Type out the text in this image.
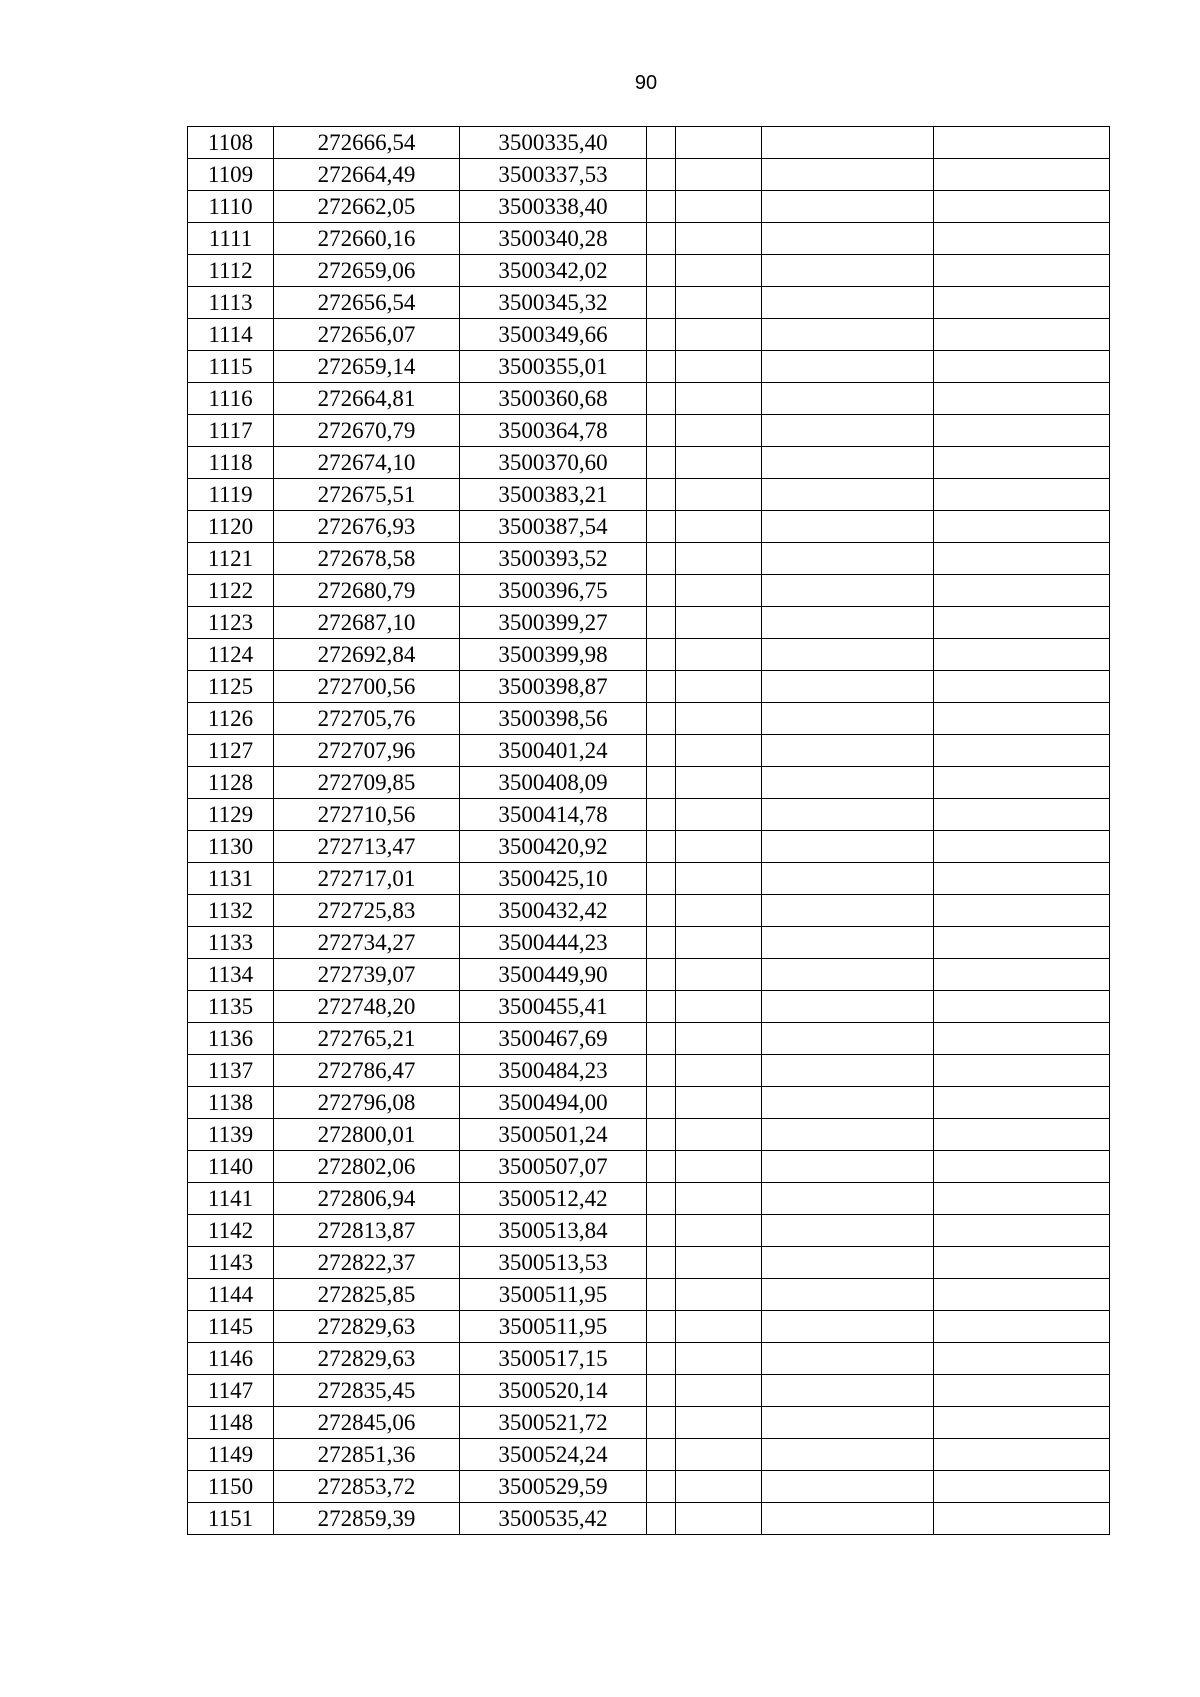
90
1108	272666,54	3500335,40				
1109	272664,49	3500337,53				
1110	272662,05	3500338,40				
1111	272660,16	3500340,28				
1112	272659,06	3500342,02				
1113	272656,54	3500345,32				
1114	272656,07	3500349,66				
1115	272659,14	3500355,01				
1116	272664,81	3500360,68				
1117	272670,79	3500364,78				
1118	272674,10	3500370,60				
1119	272675,51	3500383,21				
1120	272676,93	3500387,54				
1121	272678,58	3500393,52				
1122	272680,79	3500396,75				
1123	272687,10	3500399,27				
1124	272692,84	3500399,98				
1125	272700,56	3500398,87				
1126	272705,76	3500398,56				
1127	272707,96	3500401,24				
1128	272709,85	3500408,09				
1129	272710,56	3500414,78				
1130	272713,47	3500420,92				
1131	272717,01	3500425,10				
1132	272725,83	3500432,42				
1133	272734,27	3500444,23				
1134	272739,07	3500449,90				
1135	272748,20	3500455,41				
1136	272765,21	3500467,69				
1137	272786,47	3500484,23				
1138	272796,08	3500494,00				
1139	272800,01	3500501,24				
1140	272802,06	3500507,07				
1141	272806,94	3500512,42				
1142	272813,87	3500513,84				
1143	272822,37	3500513,53				
1144	272825,85	3500511,95				
1145	272829,63	3500511,95				
1146	272829,63	3500517,15				
1147	272835,45	3500520,14				
1148	272845,06	3500521,72				
1149	272851,36	3500524,24				
1150	272853,72	3500529,59				
1151	272859,39	3500535,42				
